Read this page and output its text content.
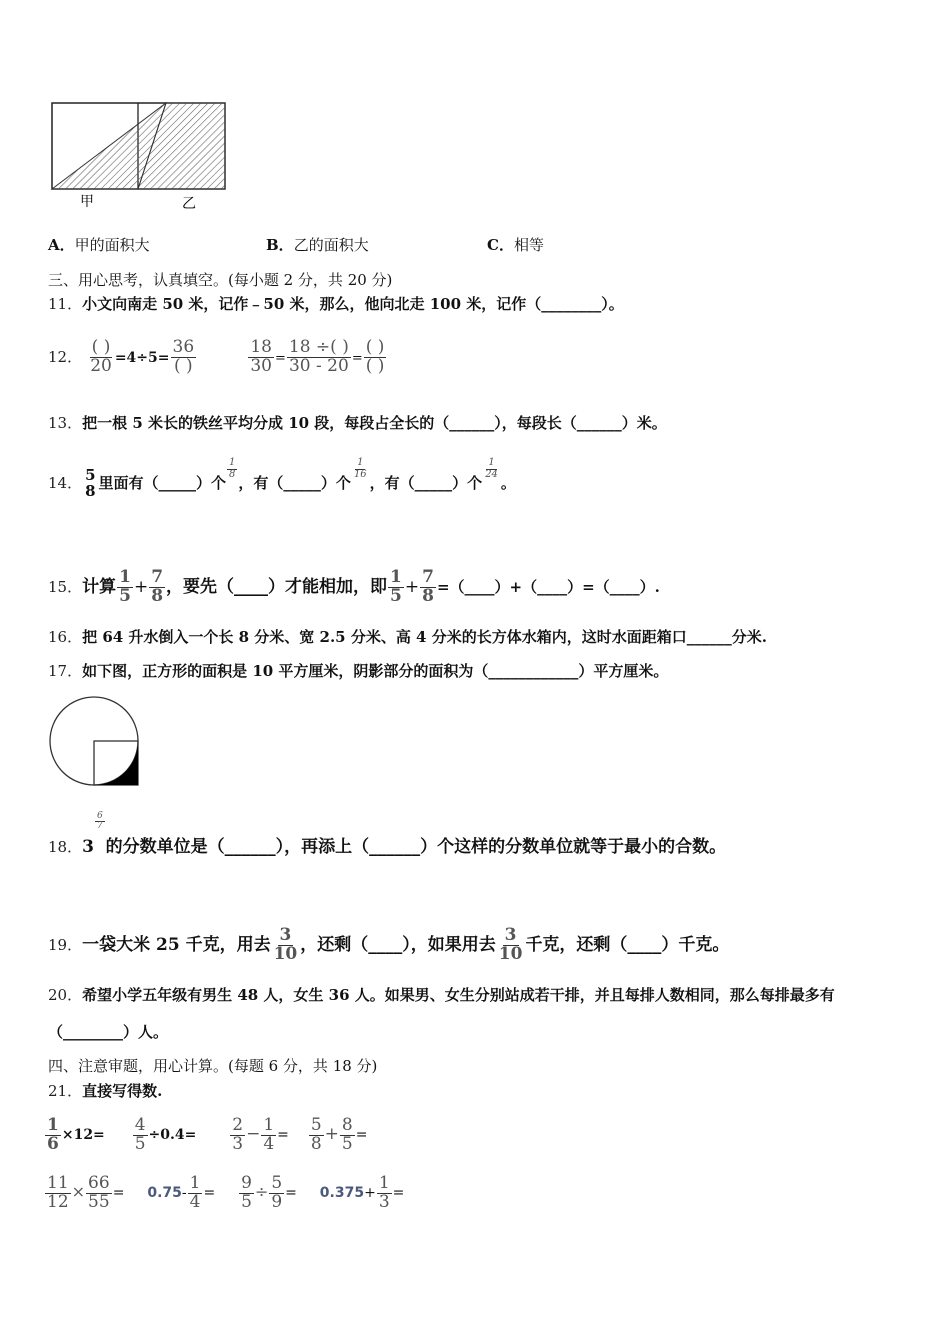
甲	乙
A．甲的面积大	B．乙的面积大	C．相等
三、用心思考，认真填空。(每小题 2 分，共 20 分)
11．小文向南走 50 米，记作﹣50 米，那么，他向北走 100 米，记作（________）。
12． $\frac{( )}{20} =4\div 5= \frac{36}{( )}$
	$\frac{18}{30} = \frac{18 \div( )}{30 - 20} = \frac{( )}{( )}$
13．把一根 5 米长的铁丝平均分成 10 段，每段占全长的（______），每段长（______）米。
14． 5
8 里面有（_____）个
$\frac{1}{8}$
，有（_____）个
$\frac{1}{16}$
，有（_____）个
$\frac{1}{24}$
。
15．计算 $\frac{1}{5} + \frac{7}{8}$ ，要先（____）才能相加，即 $\frac{1}{5} + \frac{7}{8}$ =（____）+（____）=（____）.
16．把 64 升水倒入一个长 8 分米、宽 2.5 分米、高 4 分米的长方体水箱内，这时水面距箱口______分米.
17．如下图，正方形的面积是 10 平方厘米，阴影部分的面积为（____________）平方厘米。
18．3
$\frac{6}{7}$
的分数单位是（______），再添上（______）个这样的分数单位就等于最小的合数。
19．一袋大米 25 千克，用去 $\frac{3}{10}$ ，还剩（____），如果用去 $\frac{3}{10}$ 千克，还剩（____）千克。
20．希望小学五年级有男生 48 人，女生 36 人。如果男、女生分别站成若干排，并且每排人数相同，那么每排最多有
（________）人。
四、注意审题，用心计算。(每题 6 分，共 18 分)
21．直接写得数.
$\frac{1}{6} \times 12= \frac{4}{5} \div 0.4= \frac{2}{3} - \frac{1}{4} = \frac{5}{8} + \frac{8}{5}$ =
$\frac{11}{12} \times \frac{66}{55} = 0.75- \frac{1}{4} = \frac{9}{5} \div \frac{5}{9} = 0.375+ \frac{1}{3}$ =
